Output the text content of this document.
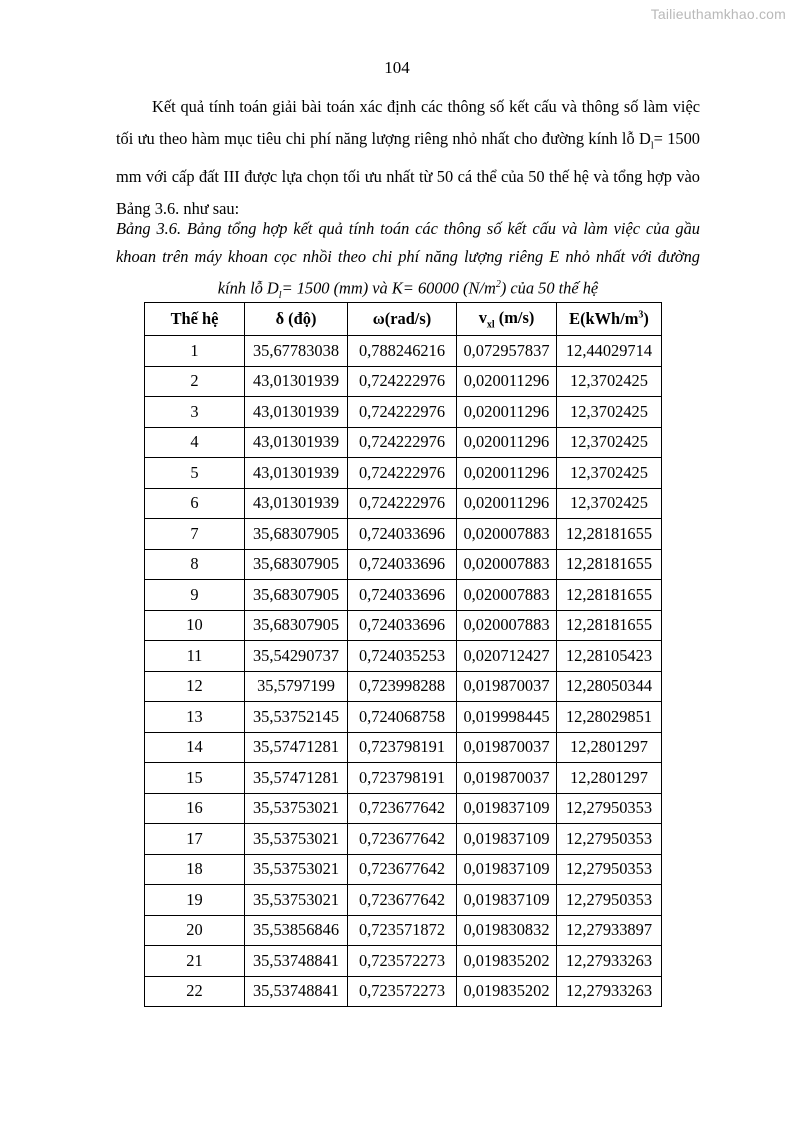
Tailieuthamkhao.com
104

Kết quả tính toán giải bài toán xác định các thông số kết cấu và thông số làm việc tối ưu theo hàm mục tiêu chi phí năng lượng riêng nhỏ nhất cho đường kính lỗ $D_l= 1500$ mm với cấp đất III được lựa chọn tối ưu nhất từ 50 cá thể của 50 thế hệ và tổng hợp vào Bảng 3.6. như sau:

Bảng 3.6. Bảng tổng hợp kết quả tính toán các thông số kết cấu và làm việc của gầu
khoan trên máy khoan cọc nhồi theo chi phí năng lượng riêng E nhỏ nhất với đường
kính lỗ $D_l= 1500$ (mm) và K= 60000 $(N/m^2)$ của 50 thế hệ

Thế hệ	δ (độ)	ω(rad/s)	$v_{xl}$ (m/s)	$E(kWh/m^3)$
1	35,67783038	0,788246216	0,072957837	12,44029714
2	43,01301939	0,724222976	0,020011296	12,3702425
3	43,01301939	0,724222976	0,020011296	12,3702425
4	43,01301939	0,724222976	0,020011296	12,3702425
5	43,01301939	0,724222976	0,020011296	12,3702425
6	43,01301939	0,724222976	0,020011296	12,3702425
7	35,68307905	0,724033696	0,020007883	12,28181655
8	35,68307905	0,724033696	0,020007883	12,28181655
9	35,68307905	0,724033696	0,020007883	12,28181655
10	35,68307905	0,724033696	0,020007883	12,28181655
11	35,54290737	0,724035253	0,020712427	12,28105423
12	35,5797199	0,723998288	0,019870037	12,28050344
13	35,53752145	0,724068758	0,019998445	12,28029851
14	35,57471281	0,723798191	0,019870037	12,2801297
15	35,57471281	0,723798191	0,019870037	12,2801297
16	35,53753021	0,723677642	0,019837109	12,27950353
17	35,53753021	0,723677642	0,019837109	12,27950353
18	35,53753021	0,723677642	0,019837109	12,27950353
19	35,53753021	0,723677642	0,019837109	12,27950353
20	35,53856846	0,723571872	0,019830832	12,27933897
21	35,53748841	0,723572273	0,019835202	12,27933263
22	35,53748841	0,723572273	0,019835202	12,27933263
